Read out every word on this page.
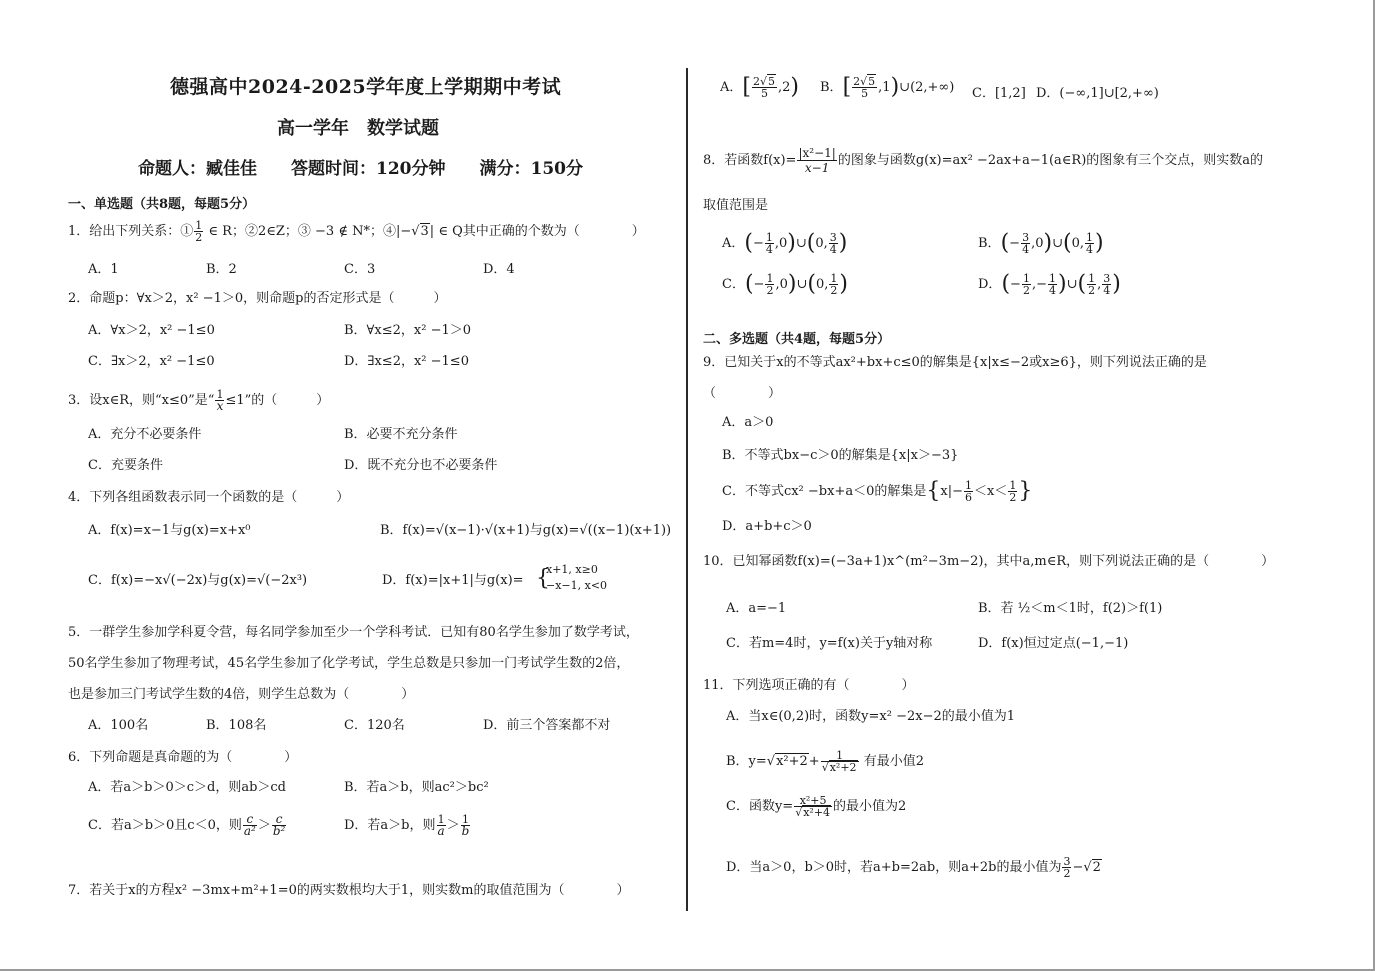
德强高中2024-2025学年度上学期期中考试
高一学年　数学试题
命题人：臧佳佳　　答题时间：120分钟　　满分：150分
一、单选题（共8题，每题5分）
1．给出下列关系：① $\frac{1}{2}$ ∈ R；②2∈Z；③ −3 ∉ N*；④|−√3| ∈ Q其中正确的个数为（　　　　）
A．1	B．2	C．3	D．4
2．命题p：∀x＞2，x² −1＞0，则命题p的否定形式是（　　　）
A．∀x＞2，x² −1≤0	B．∀x≤2，x² −1＞0
C．∃x＞2，x² −1≤0	D．∃x≤2，x² −1≤0
3．设x∈R，则“x≤0”是“ $\frac{1}{x} \le 1$”的（　　　）
A．充分不必要条件	B．必要不充分条件
C．充要条件	D．既不充分也不必要条件
4．下列各组函数表示同一个函数的是（　　　）
A．f(x)=x−1与g(x)=x+x⁰	B．f(x)=√(x−1)·√(x+1)与g(x)=√((x−1)(x+1))
C．f(x)=−x√(−2x)与g(x)=√(−2x³)	D．f(x)=|x+1|与g(x)= {
x+1, x≥0
−x−1, x<0
5．一群学生参加学科夏令营，每名同学参加至少一个学科考试．已知有80名学生参加了数学考试，
50名学生参加了物理考试，45名学生参加了化学考试，学生总数是只参加一门考试学生数的2倍，
也是参加三门考试学生数的4倍，则学生总数为（　　　　）
A．100名	B．108名	C．120名	D．前三个答案都不对
6．下列命题是真命题的为（　　　　）
A．若a＞b＞0＞c＞d，则ab＞cd	B．若a＞b，则ac²＞bc²
C．若a＞b＞0且c＜0，则 $\frac{c}{\text{a²}} > \frac{c}{\text{b²}}$	D．若a＞b，则 $\frac{1}{a} > \frac{1}{b}$
7．若关于x的方程x² −3mx+m²+1=0的两实数根均大于1，则实数m的取值范围为（　　　　）
A．[ $\frac{2√5}{5} ,2$) B．[ $\frac{2√5}{5}$ ,1)∪(2,+∞) C．[1,2] D．(−∞,1]∪[2,+∞)
8．若函数$f(x)= \frac{\text{|x²−1|}}{x-1}$ 的图象与函数g(x)=ax² −2ax+a−1(a∈R)的图象有三个交点，则实数a的
取值范围是
A．(− $\frac{1}{4}$ ,0)∪(0, $\frac{3}{4}$ )	B．(− $\frac{3}{4}$ ,0)∪(0, $\frac{1}{4}$ )
C．(− $\frac{1}{2}$ ,0)∪(0, $\frac{1}{2}$ )	D．(− $\frac{1}{2}$ ,− $\frac{1}{4}$ )∪( $\frac{1}{2}$ , $\frac{3}{4}$ )
二、多选题（共4题，每题5分）
9．已知关于x的不等式ax²+bx+c≤0的解集是{x|x≤−2或x≥6}，则下列说法正确的是
（　　　　）
A．a＞0
B．不等式bx−c＞0的解集是{x|x＞−3}
C．不等式cx² −bx+a＜0的解集是{$x|- \frac{1}{6} <x< \frac{1}{2}$ }
D．a+b+c＞0
10．已知幂函数f(x)=(−3a+1)x^(m²−3m−2)，其中a,m∈R，则下列说法正确的是（　　　　）
A．a=−1	B．若 ½＜m＜1时，f(2)＞f(1)
C．若m=4时，y=f(x)关于y轴对称	D．f(x)恒过定点(−1,−1)
11．下列选项正确的有（　　　　）
A．当x∈(0,2)时，函数y=x² −2x−2的最小值为1
B．$y=√x^2+2+ \frac{1}{\text{√x²+2}}$ 有最小值2
C．函数$y= \frac{\text{x²+5}}{\text{√x²+4}}$ 的最小值为2
D．当a＞0，b＞0时，若a+b=2ab，则a+2b的最小值为 $\frac{3}{2} -√2$
